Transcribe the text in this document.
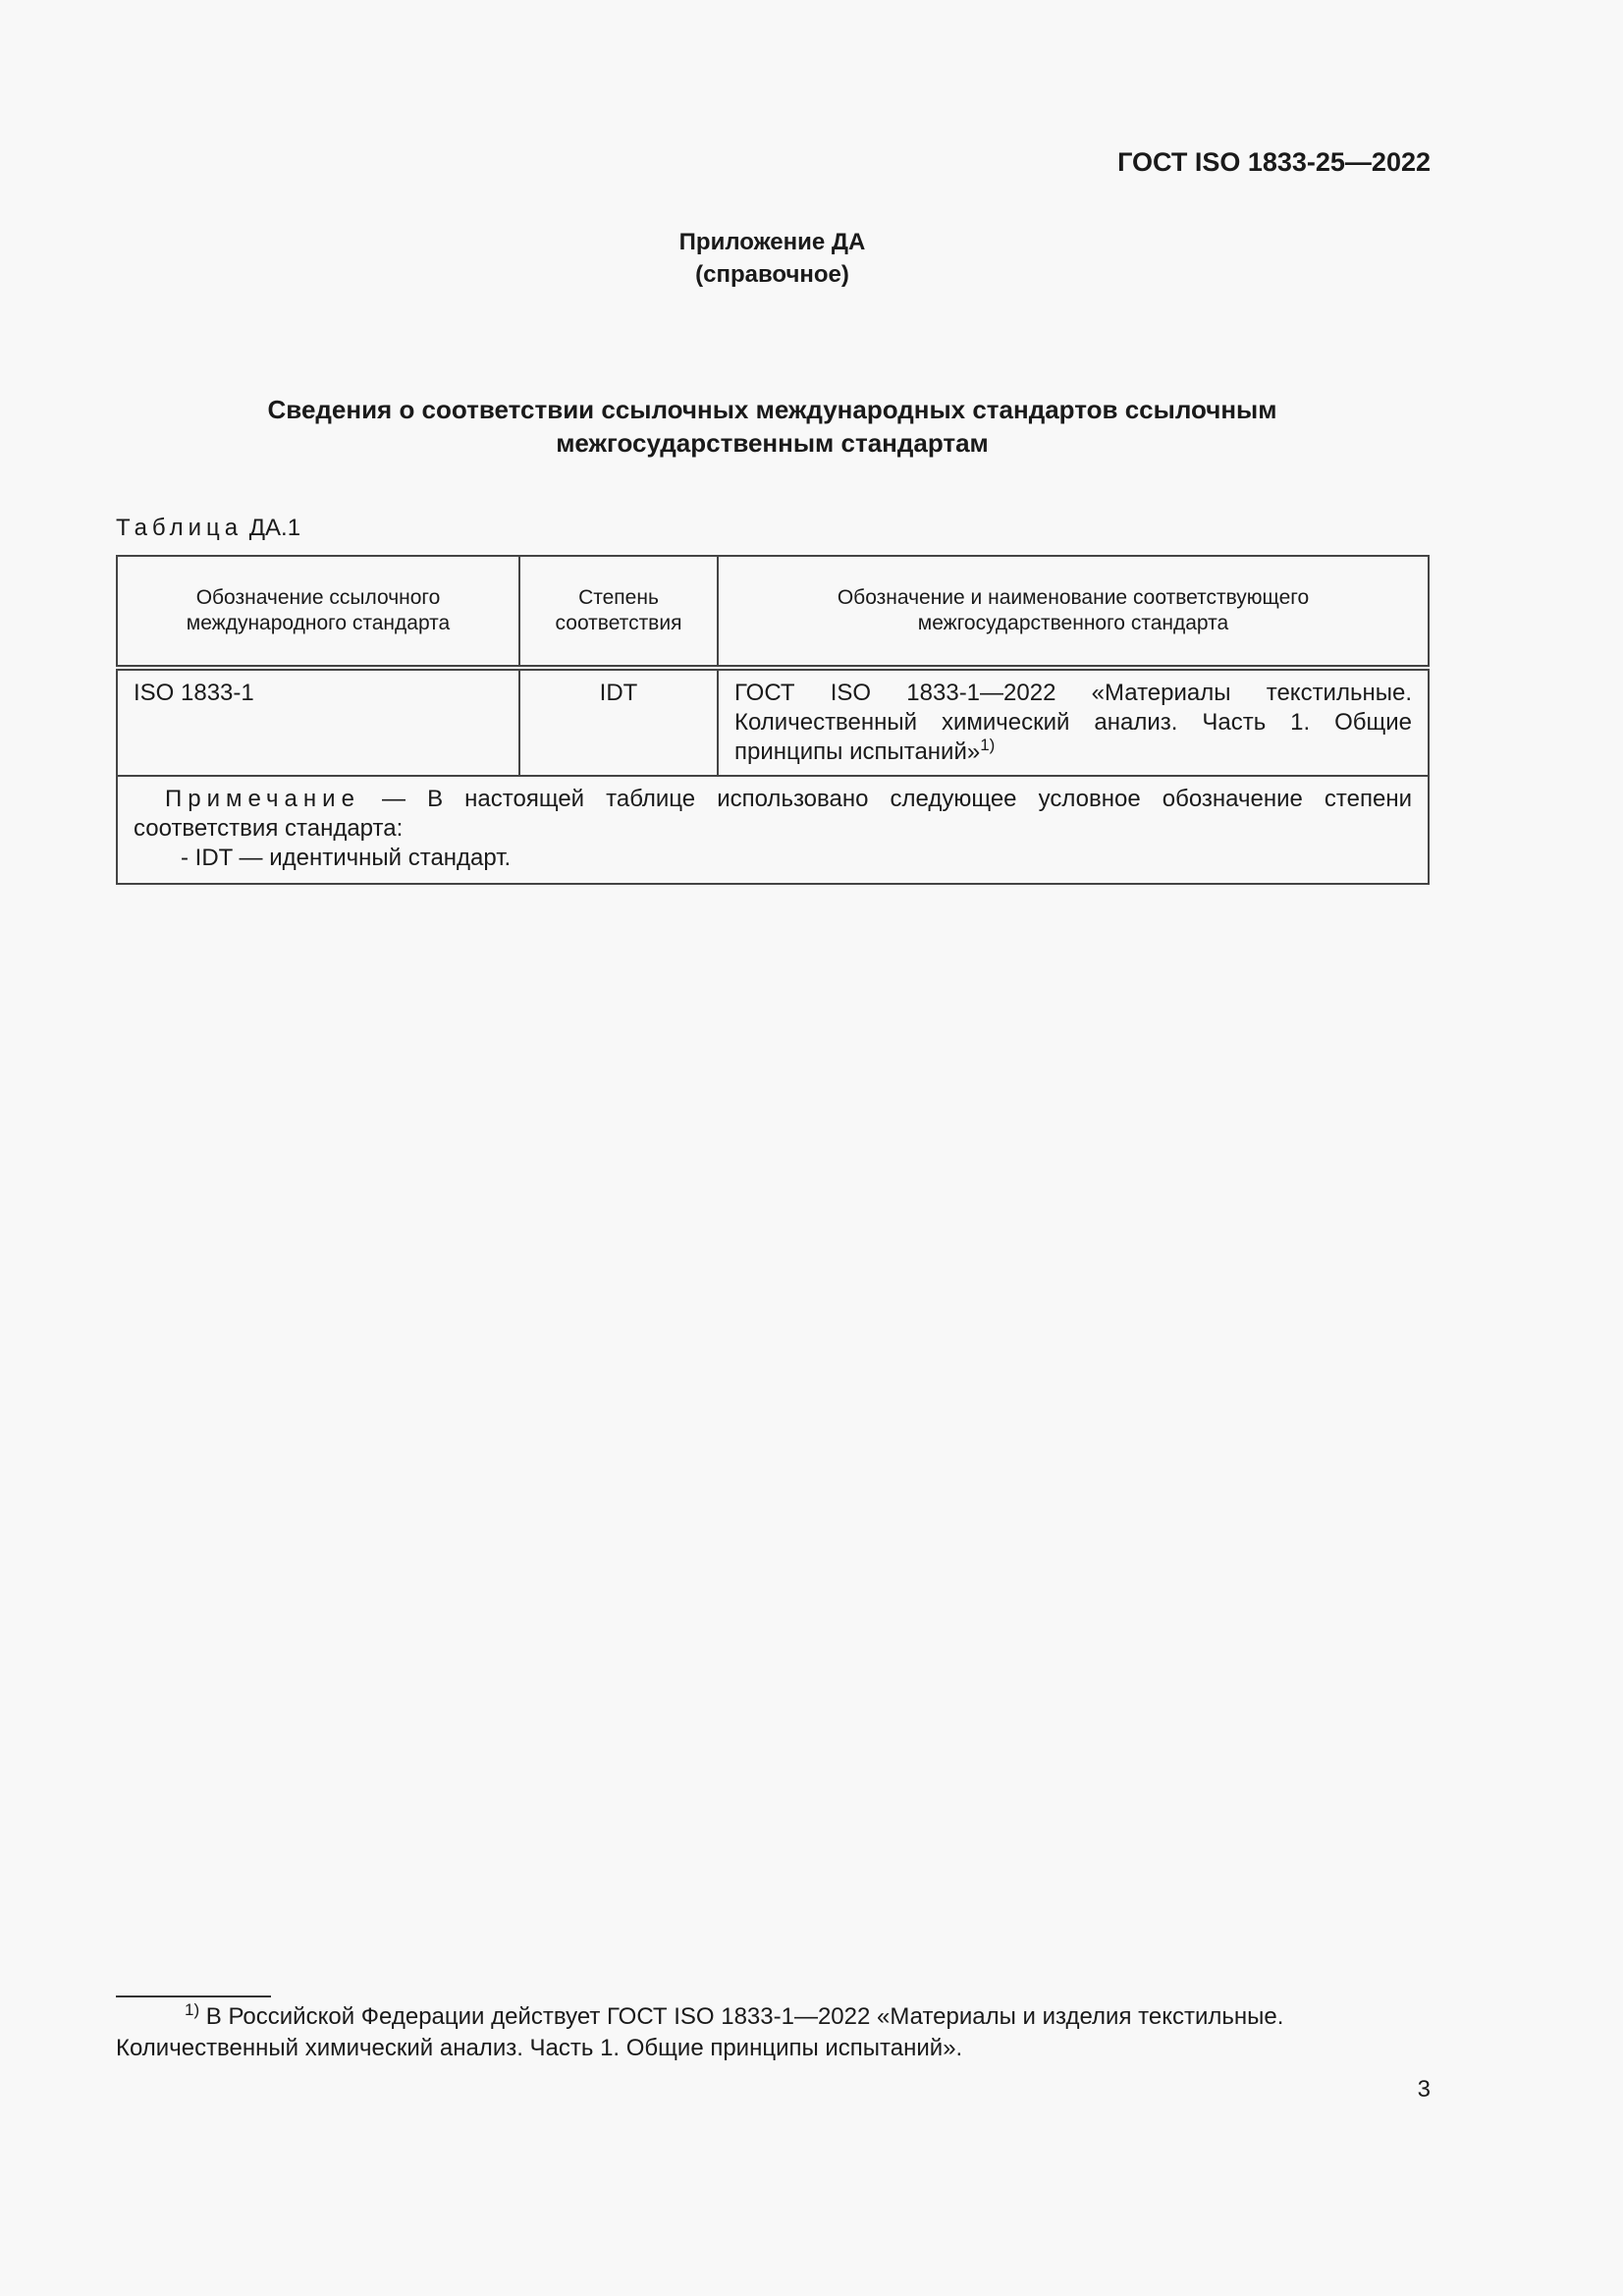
ГОСТ ISO 1833-25—2022
Приложение ДА
(справочное)
Сведения о соответствии ссылочных международных стандартов ссылочным
межгосударственным стандартам
Таблица ДА.1
Обозначение ссылочного международного стандарта	Степень соответствия	Обозначение и наименование соответствующего межгосударственного стандарта

ISO 1833-1	IDT	ГОСТ ISO 1833-1—2022 «Материалы текстильные. Количественный химический анализ. Часть 1. Общие принципы испытаний»$^{1)}$

Примечание — В настоящей таблице использовано следующее условное обозначение степени соответствия стандарта:
- IDT — идентичный стандарт.		
$^{1)}$ В Российской Федерации действует ГОСТ ISO 1833-1—2022 «Материалы и изделия текстильные. Количественный химический анализ. Часть 1. Общие принципы испытаний».
3
